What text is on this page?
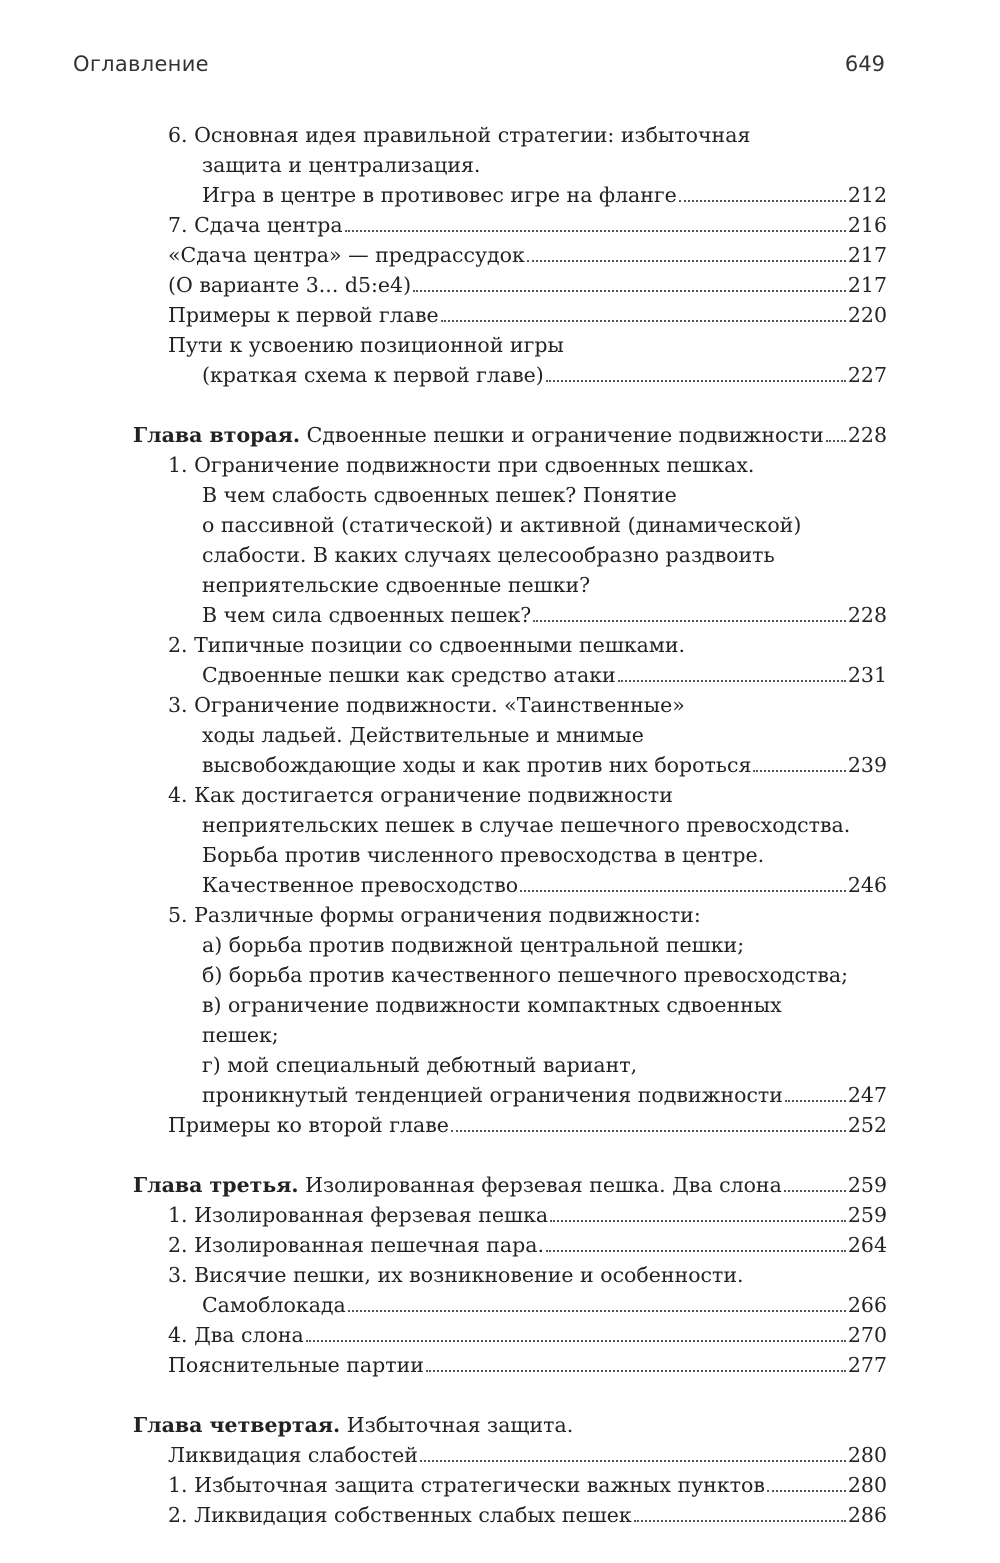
Оглавление	649
6. Основная идея правильной стратегии: избыточная
защита и централизация.
Игра в центре в противовес игре на фланге	212
7. Сдача центра	216
«Сдача центра» — предрассудок	217
(О варианте 3... d5:e4)	217
Примеры к первой главе	220
Пути к усвоению позиционной игры
(краткая схема к первой главе)	227
Глава вторая. Сдвоенные пешки и ограничение подвижности 228
1. Ограничение подвижности при сдвоенных пешках.
В чем слабость сдвоенных пешек? Понятие
о пассивной (статической) и активной (динамической)
слабости. В каких случаях целесообразно раздвоить
неприятельские сдвоенные пешки?
В чем сила сдвоенных пешек?	228
2. Типичные позиции со сдвоенными пешками.
Сдвоенные пешки как средство атаки	231
3. Ограничение подвижности. «Таинственные»
ходы ладьей. Действительные и мнимые
высвобождающие ходы и как против них бороться	239
4. Как достигается ограничение подвижности
неприятельских пешек в случае пешечного превосходства.
Борьба против численного превосходства в центре.
Качественное превосходство	246
5. Различные формы ограничения подвижности:
а) борьба против подвижной центральной пешки;
б) борьба против качественного пешечного превосходства;
в) ограничение подвижности компактных сдвоенных
пешек;
г) мой специальный дебютный вариант,
проникнутый тенденцией ограничения подвижности	247
Примеры ко второй главе	252
Глава третья. Изолированная ферзевая пешка. Два слона	259
1. Изолированная ферзевая пешка	259
2. Изолированная пешечная пара.	264
3. Висячие пешки, их возникновение и особенности.
Самоблокада	266
4. Два слона	270
Пояснительные партии	277
Глава четвертая. Избыточная защита.
Ликвидация слабостей	280
1. Избыточная защита стратегически важных пунктов	280
2. Ликвидация собственных слабых пешек	286
